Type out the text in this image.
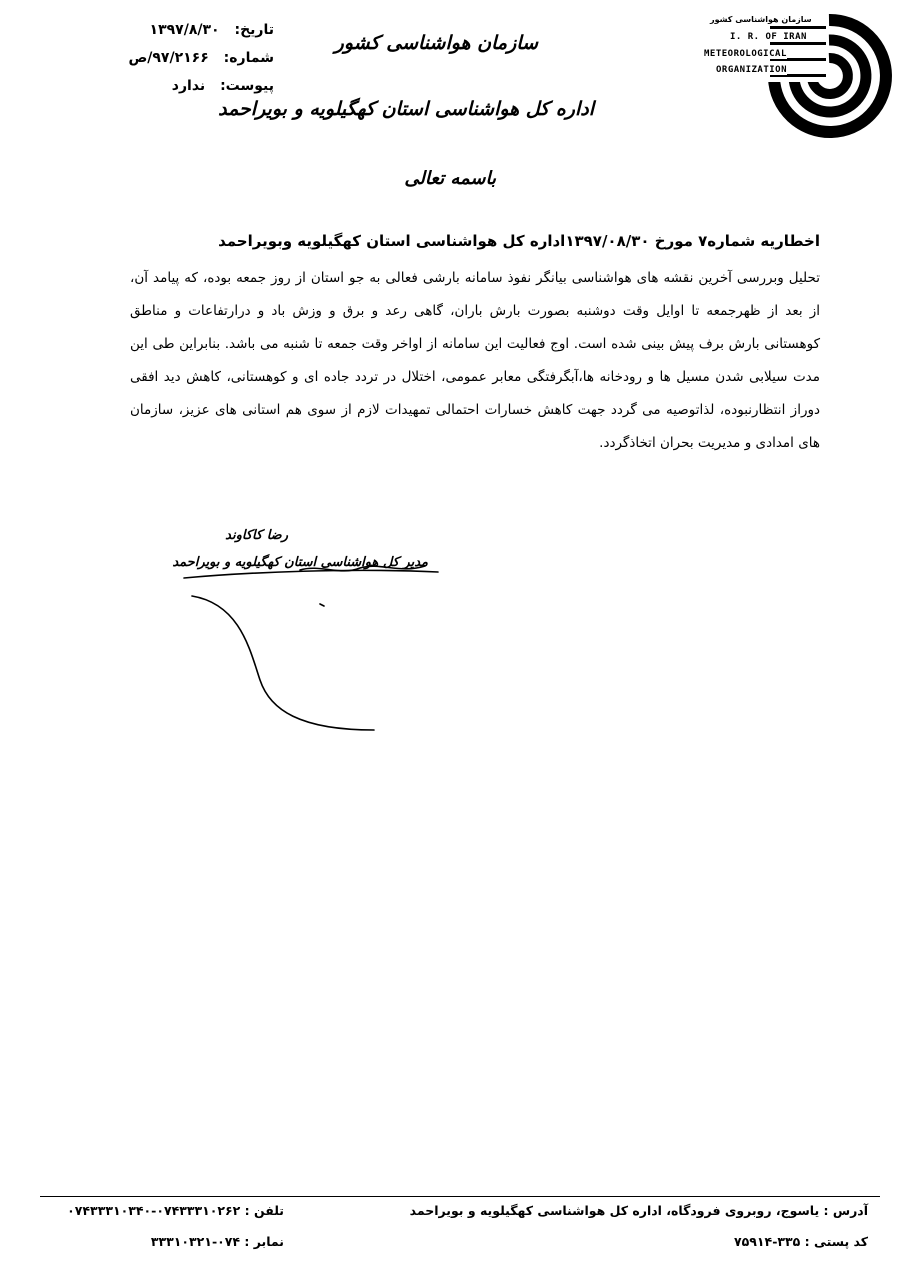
تاریخ: ۱۳۹۷/۸/۳۰
شماره: ۹۷/۲۱۶۶/ص
پیوست: ندارد
سازمان هواشناسی کشور
اداره کل هواشناسی استان کهگیلویه و بویراحمد
باسمه تعالی
سازمان هواشناسی کشور
I. R. OF IRAN
METEOROLOGICAL
ORGANIZATION
اخطاریه شماره۷ مورخ ۱۳۹۷/۰۸/۳۰اداره کل هواشناسی استان کهگیلویه وبویراحمد
تحلیل وبررسی آخرین نقشه های هواشناسی بیانگر نفوذ سامانه بارشی فعالی به جو استان از روز جمعه بوده، که پیامد آن، از بعد از ظهرجمعه تا اوایل وقت دوشنبه بصورت بارش باران، گاهی رعد و برق و وزش باد و درارتفاعات و مناطق کوهستانی بارش برف پیش بینی شده است. اوج فعالیت این سامانه از اواخر وقت جمعه تا شنبه می باشد. بنابراین طی این مدت سیلابی شدن مسیل ها و رودخانه ها،آبگرفتگی معابر عمومی، اختلال در تردد جاده ای و کوهستانی، کاهش دید افقی دوراز انتظارنبوده، لذاتوصیه می گردد جهت کاهش خسارات احتمالی تمهیدات لازم از سوی هم استانی های عزیز، سازمان های امدادی و مدیریت بحران اتخاذگردد.
رضا کاکاوند
مدیر کل هواشناسی استان کهگیلویه و بویراحمد
آدرس : یاسوج، روبروی فرودگاه، اداره کل هواشناسی کهگیلویه و بویراحمد
کد پستی : ۳۳۵-۷۵۹۱۴
تلفن : ۰۷۴۳۳۳۱۰۲۶۲-۰۷۴۳۳۳۱۰۳۴۰
نمابر : ۰۷۴-۳۳۳۱۰۳۲۱
